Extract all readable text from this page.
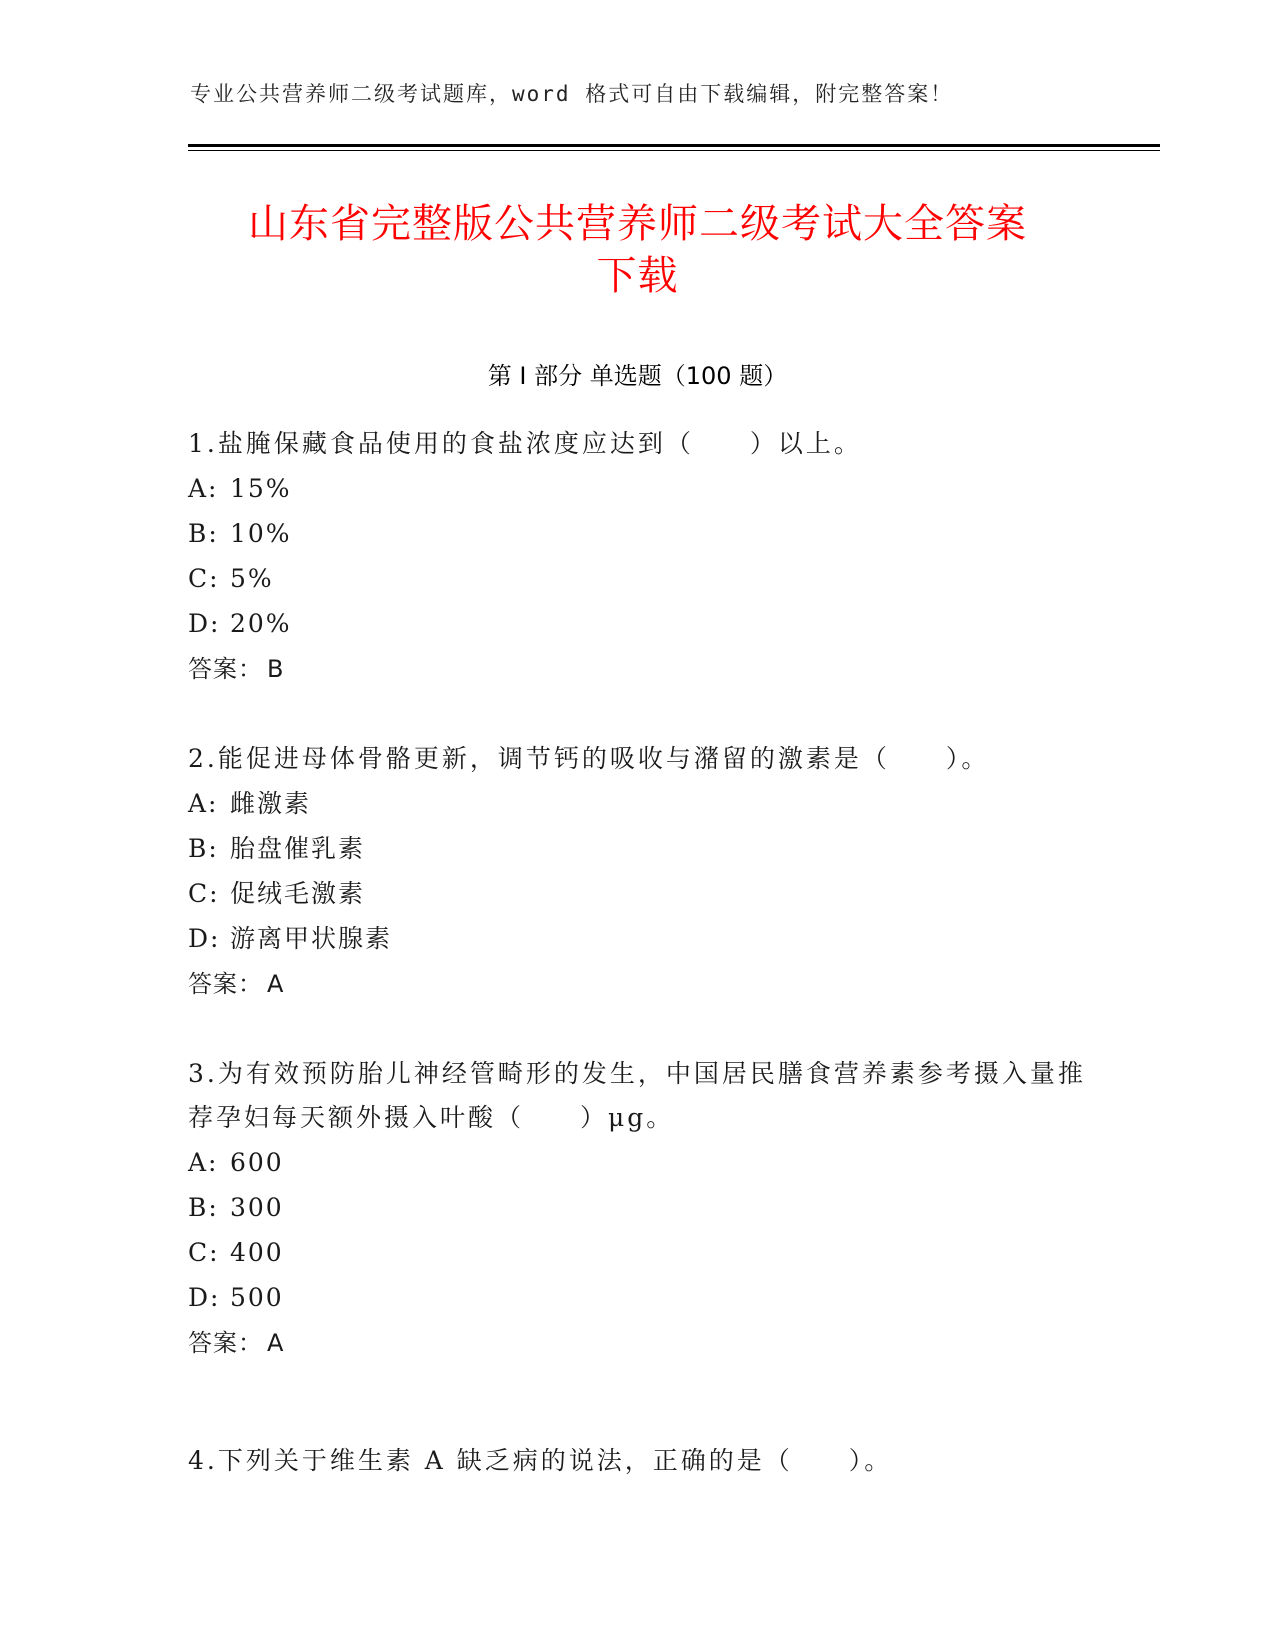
专业公共营养师二级考试题库，word 格式可自由下载编辑，附完整答案！
山东省完整版公共营养师二级考试大全答案
下载
第 I 部分 单选题（100 题）

1.盐腌保藏食品使用的食盐浓度应达到（　　）以上。

A: 15%
B: 10%
C: 5%
D: 20%
答案： B

2.能促进母体骨骼更新，调节钙的吸收与潴留的激素是（　　）。

A: 雌激素
B: 胎盘催乳素
C: 促绒毛激素
D: 游离甲状腺素
答案： A

3.为有效预防胎儿神经管畸形的发生，中国居民膳食营养素参考摄入量推荐孕妇每天额外摄入叶酸（　　）μg。

A: 600
B: 300
C: 400
D: 500
答案： A

4.下列关于维生素 A 缺乏病的说法，正确的是（　　）。
